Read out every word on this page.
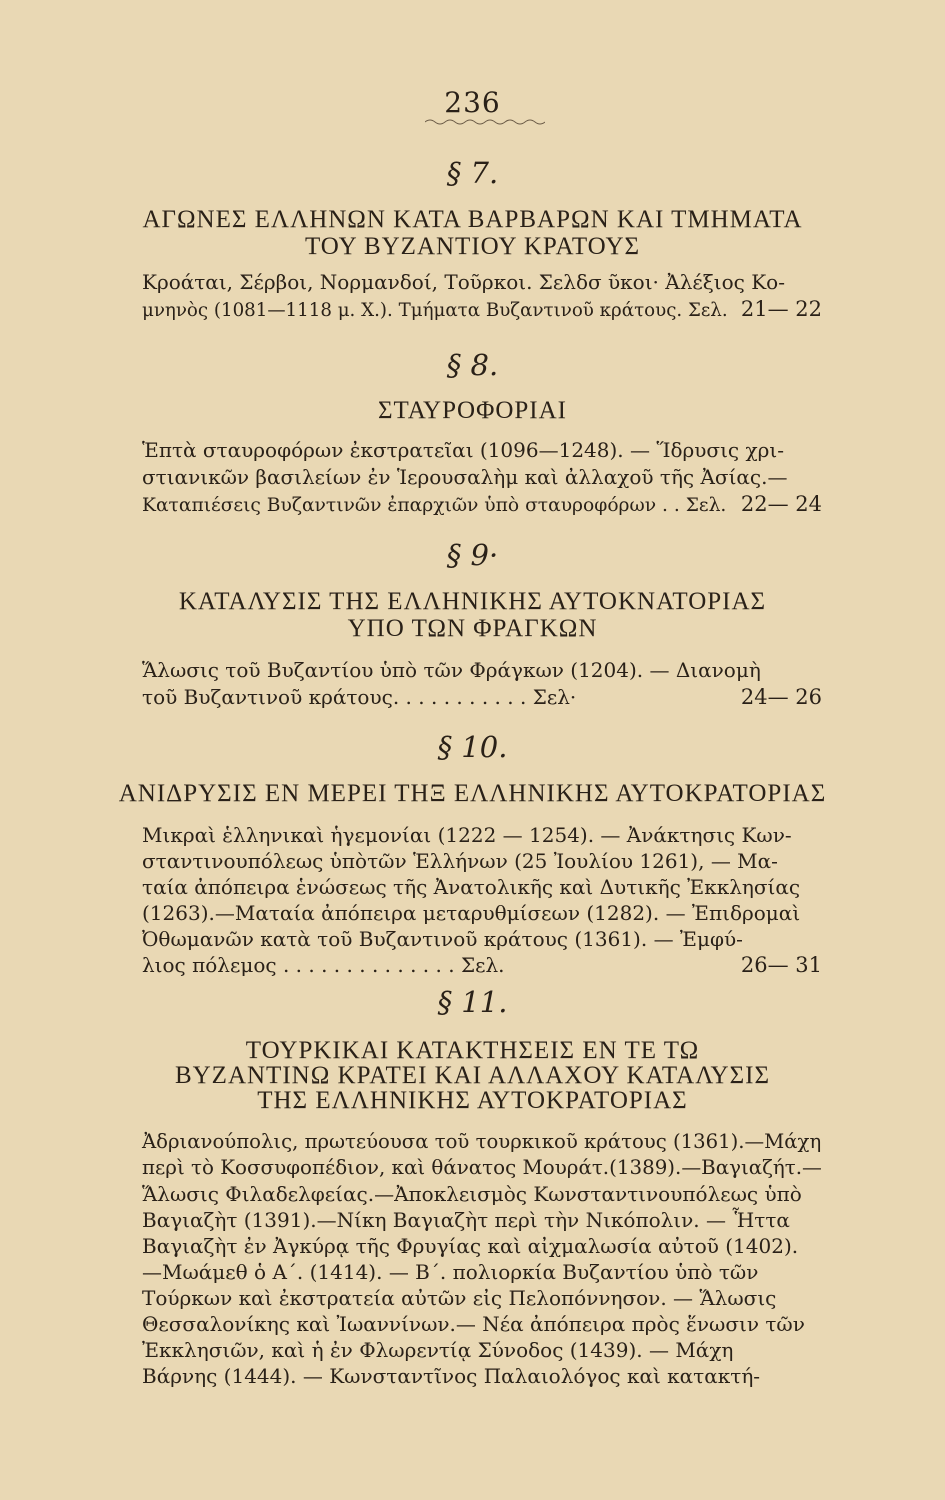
236
§ 7.
ΑΓΩΝΕΣ ΕΛΛΗΝΩΝ ΚΑΤΑ ΒΑΡΒΑΡΩΝ ΚΑΙ ΤΜΗΜΑΤΑ
ΤΟΥ ΒΥΖΑΝΤΙΟΥ ΚΡΑΤΟΥΣ
Κροάται, Σέρβοι, Νορμανδοί, Τοῦρκοι. Σελδσ ῦκοι· Ἀλέξιος Κο-
μνηνὸς (1081—1118 μ. Χ.). Τμήματα Βυζαντινοῦ κράτους. Σελ. 21— 22
§ 8.
ΣΤΑΥΡΟΦΟΡΙΑΙ
Ἑπτὰ σταυροφόρων ἐκστρατεῖαι (1096—1248). — Ἵδρυσις χρι-
στιανικῶν βασιλείων ἐν Ἱερουσαλὴμ καὶ ἀλλαχοῦ τῆς Ἀσίας.—
Καταπιέσεις Βυζαντινῶν ἐπαρχιῶν ὑπὸ σταυροφόρων . . Σελ. 22— 24
§ 9·
ΚΑΤΑΛΥΣΙΣ ΤΗΣ ΕΛΛΗΝΙΚΗΣ ΑΥΤΟΚΝΑΤΟΡΙΑΣ
ΥΠΟ ΤΩΝ ΦΡΑΓΚΩΝ
Ἅλωσις τοῦ Βυζαντίου ὑπὸ τῶν Φράγκων (1204). — Διανομὴ
τοῦ Βυζαντινοῦ κράτους. . . . . . . . . . . Σελ·	24— 26
§ 10.
ΑΝΙΔΡΥΣΙΣ ΕΝ ΜΕΡΕΙ ΤΗΞ ΕΛΛΗΝΙΚΗΣ ΑΥΤΟΚΡΑΤΟΡΙΑΣ
Μικραὶ ἑλληνικαὶ ἡγεμονίαι (1222 — 1254). — Ἀνάκτησις Κων-
σταντινουπόλεως ὑπὸτῶν Ἑλλήνων (25 Ἰουλίου 1261), — Μα-
ταία ἀπόπειρα ἑνώσεως τῆς Ἀνατολικῆς καὶ Δυτικῆς Ἐκκλησίας
(1263).—Ματαία ἀπόπειρα μεταρυθμίσεων (1282). — Ἐπιδρομαὶ
Ὀθωμανῶν κατὰ τοῦ Βυζαντινοῦ κράτους (1361). — Ἐμφύ-
λιος πόλεμος . . . . . . . . . . . . . . Σελ.	26— 31
§ 11.
ΤΟΥΡΚΙΚΑΙ ΚΑΤΑΚΤΗΣΕΙΣ ΕΝ ΤΕ ΤΩ
ΒΥΖΑΝΤΙΝΩ ΚΡΑΤΕΙ ΚΑΙ ΑΛΛΑΧΟΥ ΚΑΤΑΛΥΣΙΣ
ΤΗΣ ΕΛΛΗΝΙΚΗΣ ΑΥΤΟΚΡΑΤΟΡΙΑΣ
Ἀδριανούπολις, πρωτεύουσα τοῦ τουρκικοῦ κράτους (1361).—Μάχη
περὶ τὸ Κοσσυφοπέδιον, καὶ θάνατος Μουράτ.(1389).—Βαγιαζήτ.—
Ἅλωσις Φιλαδελφείας.—Ἀποκλεισμὸς Κωνσταντινουπόλεως ὑπὸ
Βαγιαζὴτ (1391).—Νίκη Βαγιαζὴτ περὶ τὴν Νικόπολιν. — Ἧττα
Βαγιαζὴτ ἐν Ἀγκύρᾳ τῆς Φρυγίας καὶ αἰχμαλωσία αὐτοῦ (1402).
—Μωάμεθ ὁ Α΄. (1414). — Β΄. πολιορκία Βυζαντίου ὑπὸ τῶν
Τούρκων καὶ ἐκστρατεία αὐτῶν εἰς Πελοπόννησον. — Ἅλωσις
Θεσσαλονίκης καὶ Ἰωαννίνων.— Νέα ἀπόπειρα πρὸς ἕνωσιν τῶν
Ἐκκλησιῶν, καὶ ἡ ἐν Φλωρεντίᾳ Σύνοδος (1439). — Μάχη
Βάρνης (1444). — Κωνσταντῖνος Παλαιολόγος καὶ κατακτή-
